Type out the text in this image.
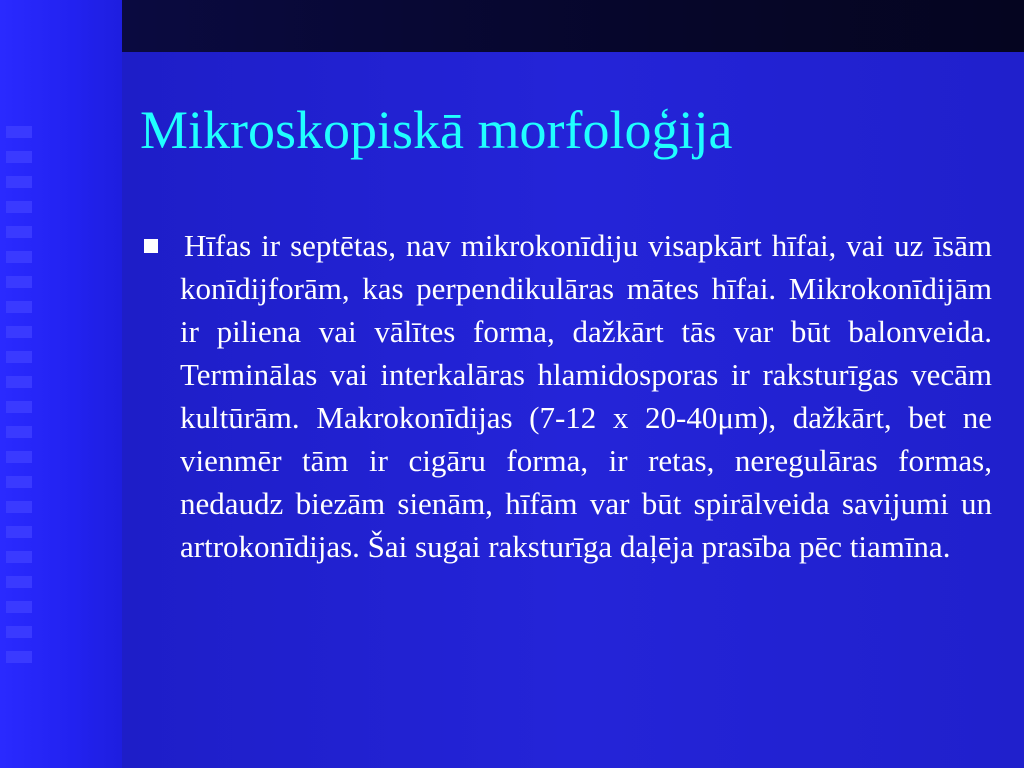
Mikroskopiskā morfoloģija

Hīfas ir septētas, nav mikrokonīdiju visapkārt hīfai, vai uz īsām konīdijforām, kas perpendikulāras mātes hīfai. Mikrokonīdijām ir piliena vai vālītes forma, dažkārt tās var būt balonveida. Terminālas vai interkalāras hlamidosporas ir raksturīgas vecām kultūrām. Makrokonīdijas (7-12 x 20-40μm), dažkārt, bet ne vienmēr tām ir cigāru forma, ir retas, neregulāras formas, nedaudz biezām sienām, hīfām var būt spirālveida savijumi un artrokonīdijas. Šai sugai raksturīga daļēja prasība pēc tiamīna.
